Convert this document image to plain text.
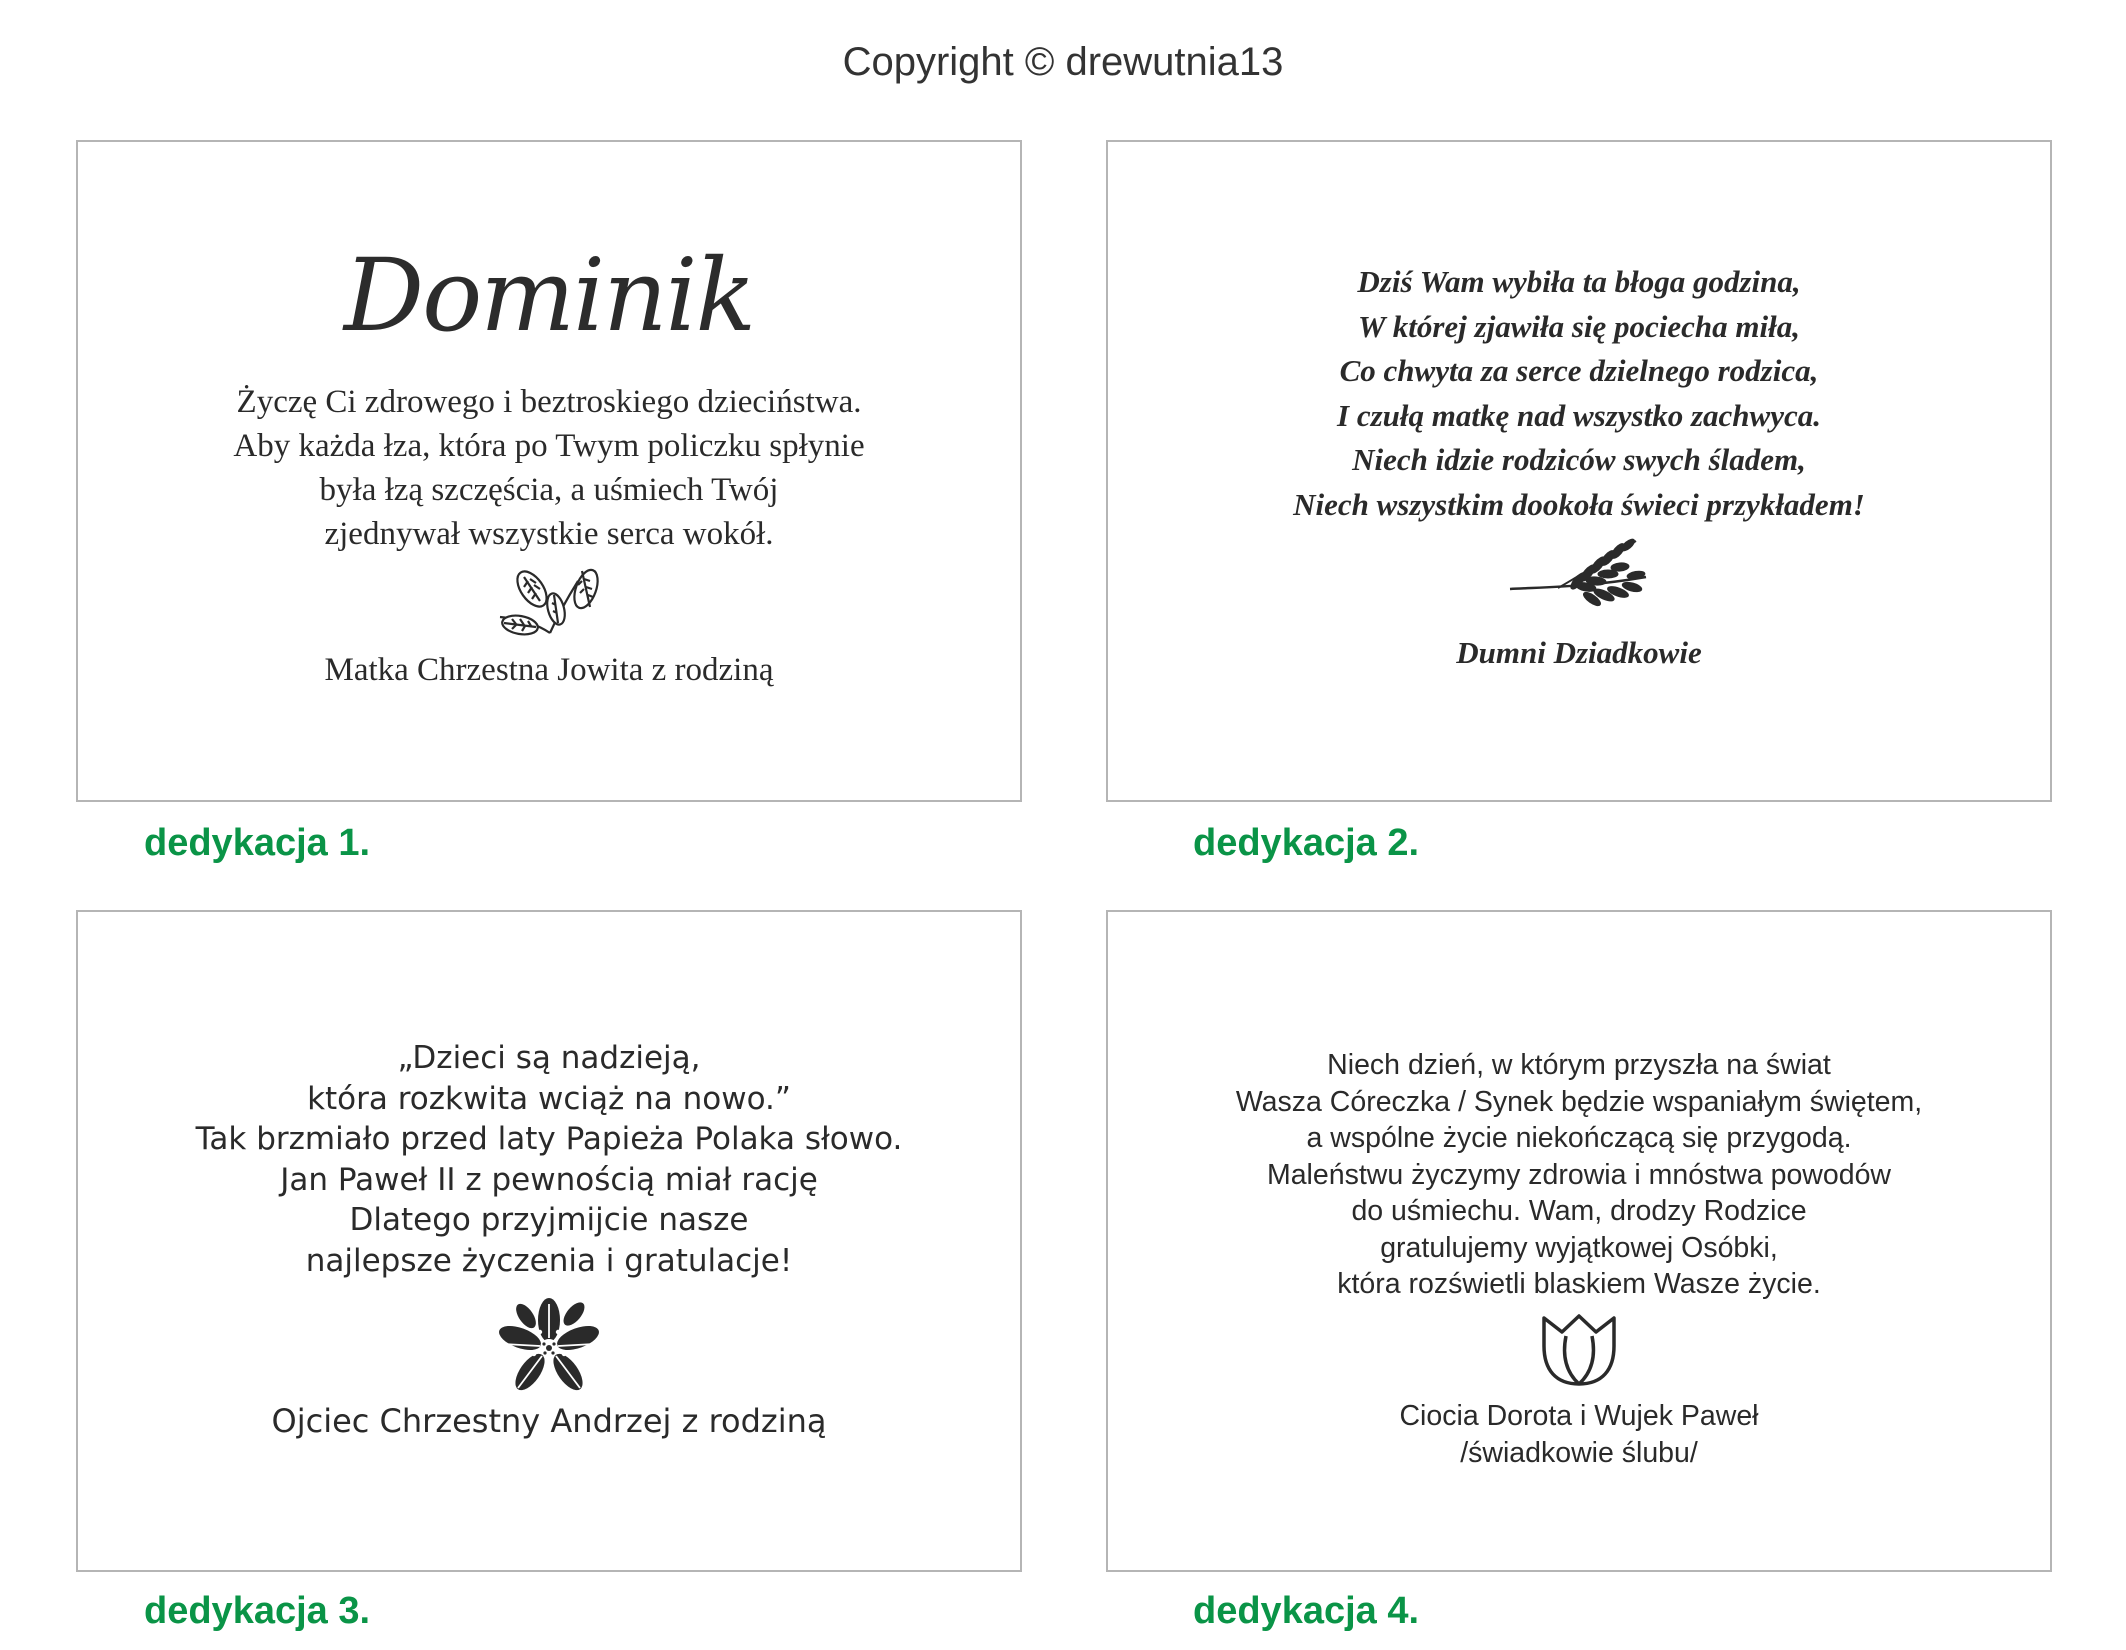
Copyright © drewutnia13
Dominik
Życzę Ci zdrowego i beztroskiego dzieciństwa.
Aby każda łza, która po Twym policzku spłynie
była łzą szczęścia, a uśmiech Twój
zjednywał wszystkie serca wokół.
Matka Chrzestna Jowita z rodziną
dedykacja 1.
Dziś Wam wybiła ta błoga godzina,
W której zjawiła się pociecha miła,
Co chwyta za serce dzielnego rodzica,
I czułą matkę nad wszystko zachwyca.
Niech idzie rodziców swych śladem,
Niech wszystkim dookoła świeci przykładem!
Dumni Dziadkowie
dedykacja 2.
„Dzieci są nadzieją,
która rozkwita wciąż na nowo.”
Tak brzmiało przed laty Papieża Polaka słowo.
Jan Paweł II z pewnością miał rację
Dlatego przyjmijcie nasze
najlepsze życzenia i gratulacje!
Ojciec Chrzestny Andrzej z rodziną
dedykacja 3.
Niech dzień, w którym przyszła na świat
Wasza Córeczka / Synek będzie wspaniałym świętem,
a wspólne życie niekończącą się przygodą.
Maleństwu życzymy zdrowia i mnóstwa powodów
do uśmiechu. Wam, drodzy Rodzice
gratulujemy wyjątkowej Osóbki,
która rozświetli blaskiem Wasze życie.
Ciocia Dorota i Wujek Paweł
/świadkowie ślubu/
dedykacja 4.
